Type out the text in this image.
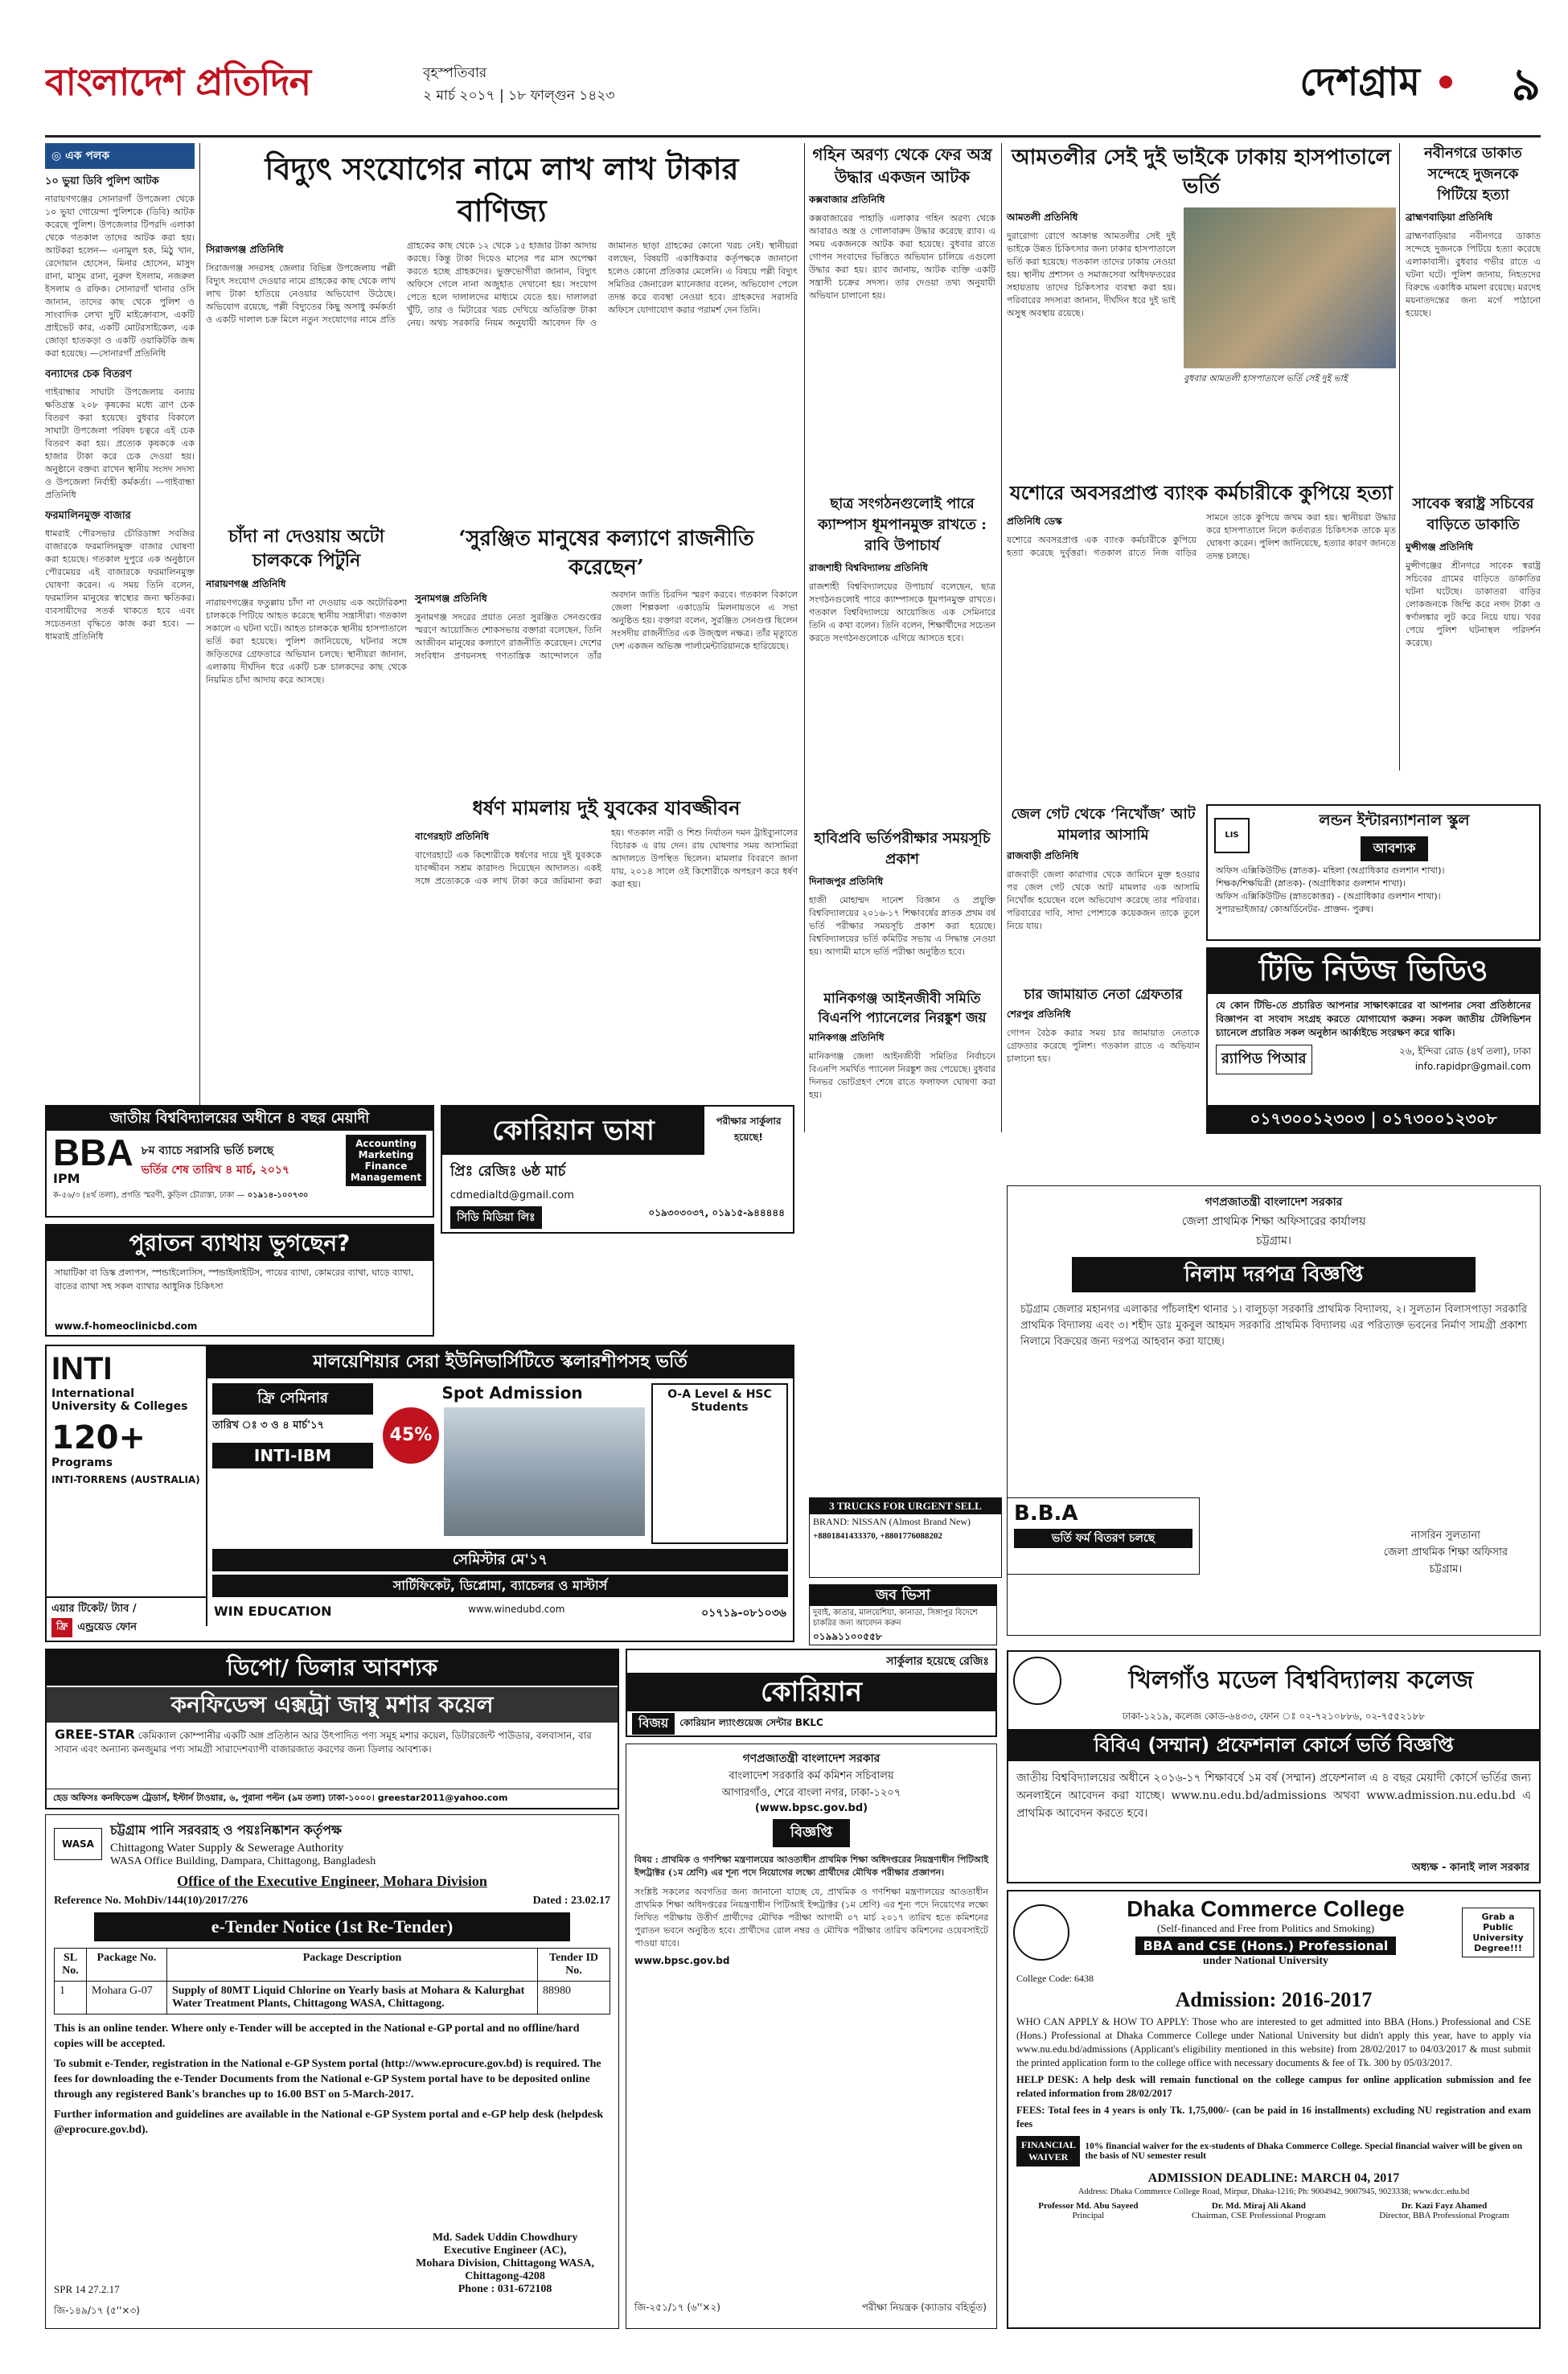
বাংলাদেশ প্রতিদিন	বৃহস্পতিবার
২ মার্চ ২০১৭ | ১৮ ফাল্গুন ১৪২৩	দেশগ্রাম ৯
◎ এক পলক
১০ ভুয়া ডিবি পুলিশ আটক
নারায়ণগঞ্জের সোনারগাঁ উপজেলা থেকে ১০ ভুয়া গোয়েন্দা পুলিশকে (ডিবি) আটক করেছে পুলিশ। উপজেলার টিপরদি এলাকা থেকে গতকাল তাদের আটক করা হয়। আটকরা হলেন— এনামুল হক, মিঠু খান, রেদোয়ান হোসেন, মিনার হোসেন, মাসুদ রানা, মাসুম রানা, নুরুল ইসলাম, নজরুল ইসলাম ও রফিক। সোনারগাঁ থানার ওসি জানান, তাদের কাছ থেকে পুলিশ ও সাংবাদিক লেখা দুটি মাইক্রোবাস, একটি প্রাইভেট কার, একটি মোটরসাইকেল, এক জোড়া হাতকড়া ও একটি ওয়াকিটকি জব্দ করা হয়েছে। —সোনারগাঁ প্রতিনিধি
বন্যাদের চেক বিতরণ
গাইবান্ধার সাঘাটা উপজেলায় বন্যায় ক্ষতিগ্রস্ত ২০৮ কৃষকের মধ্যে ত্রাণ চেক বিতরণ করা হয়েছে। বুধবার বিকালে সাঘাটা উপজেলা পরিষদ চত্বরে এই চেক বিতরণ করা হয়। প্রত্যেক কৃষককে এক হাজার টাকা করে চেক দেওয়া হয়। অনুষ্ঠানে বক্তব্য রাখেন স্থানীয় সংসদ সদস্য ও উপজেলা নির্বাহী কর্মকর্তা। —গাইবান্ধা প্রতিনিধি
ফরমালিনমুক্ত বাজার
ধামরাই পৌরসভার চৌরিডাঙ্গা সবজির বাজারকে ফরমালিনমুক্ত বাজার ঘোষণা করা হয়েছে। গতকাল দুপুরে এক অনুষ্ঠানে পৌরমেয়র এই বাজারকে ফরমালিনমুক্ত ঘোষণা করেন। এ সময় তিনি বলেন, ফরমালিন মানুষের স্বাস্থ্যের জন্য ক্ষতিকর। ব্যবসায়ীদের সতর্ক থাকতে হবে এবং সচেতনতা বৃদ্ধিতে কাজ করা হবে। —ধামরাই প্রতিনিধি
বিদ্যুৎ সংযোগের নামে লাখ লাখ টাকার বাণিজ্য
সিরাজগঞ্জ প্রতিনিধি
সিরাজগঞ্জ সদরসহ জেলার বিভিন্ন উপজেলায় পল্লী বিদ্যুৎ সংযোগ দেওয়ার নামে গ্রাহকের কাছ থেকে লাখ লাখ টাকা হাতিয়ে নেওয়ার অভিযোগ উঠেছে। অভিযোগ রয়েছে, পল্লী বিদ্যুতের কিছু অসাধু কর্মকর্তা ও একটি দালাল চক্র মিলে নতুন সংযোগের নামে প্রতি গ্রাহকের কাছ থেকে ১২ থেকে ১৫ হাজার টাকা আদায় করছে। কিন্তু টাকা দিয়েও মাসের পর মাস অপেক্ষা করতে হচ্ছে গ্রাহকদের। ভুক্তভোগীরা জানান, বিদ্যুৎ অফিসে গেলে নানা অজুহাত দেখানো হয়। সংযোগ পেতে হলে দালালদের মাধ্যমে যেতে হয়। দালালরা খুঁটি, তার ও মিটারের খরচ দেখিয়ে অতিরিক্ত টাকা নেয়। অথচ সরকারি নিয়ম অনুযায়ী আবেদন ফি ও জামানত ছাড়া গ্রাহকের কোনো খরচ নেই। স্থানীয়রা বলছেন, বিষয়টি একাধিকবার কর্তৃপক্ষকে জানানো হলেও কোনো প্রতিকার মেলেনি। এ বিষয়ে পল্লী বিদ্যুৎ সমিতির জেনারেল ম্যানেজার বলেন, অভিযোগ পেলে তদন্ত করে ব্যবস্থা নেওয়া হবে। গ্রাহকদের সরাসরি অফিসে যোগাযোগ করার পরামর্শ দেন তিনি।
চাঁদা না দেওয়ায় অটো চালককে পিটুনি
নারায়ণগঞ্জ প্রতিনিধি
নারায়ণগঞ্জের ফতুল্লায় চাঁদা না দেওয়ায় এক অটোরিকশা চালককে পিটিয়ে আহত করেছে স্থানীয় সন্ত্রাসীরা। গতকাল সকালে এ ঘটনা ঘটে। আহত চালককে স্থানীয় হাসপাতালে ভর্তি করা হয়েছে। পুলিশ জানিয়েছে, ঘটনার সঙ্গে জড়িতদের গ্রেফতারে অভিযান চলছে। স্থানীয়রা জানান, এলাকায় দীর্ঘদিন ধরে একটি চক্র চালকদের কাছ থেকে নিয়মিত চাঁদা আদায় করে আসছে।
‘সুরঞ্জিত মানুষের কল্যাণে রাজনীতি করেছেন’
সুনামগঞ্জ প্রতিনিধি
সুনামগঞ্জ সদরের প্রয়াত নেতা সুরঞ্জিত সেনগুপ্তের স্মরণে আয়োজিত শোকসভায় বক্তারা বলেছেন, তিনি আজীবন মানুষের কল্যাণে রাজনীতি করেছেন। দেশের সংবিধান প্রণয়নসহ গণতান্ত্রিক আন্দোলনে তাঁর অবদান জাতি চিরদিন স্মরণ করবে। গতকাল বিকালে জেলা শিল্পকলা একাডেমি মিলনায়তনে এ সভা অনুষ্ঠিত হয়। বক্তারা বলেন, সুরঞ্জিত সেনগুপ্ত ছিলেন সংসদীয় রাজনীতির এক উজ্জ্বল নক্ষত্র। তাঁর মৃত্যুতে দেশ একজন অভিজ্ঞ পার্লামেন্টারিয়ানকে হারিয়েছে।
ধর্ষণ মামলায় দুই যুবকের যাবজ্জীবন
বাগেরহাট প্রতিনিধি
বাগেরহাটে এক কিশোরীকে ধর্ষণের দায়ে দুই যুবককে যাবজ্জীবন সশ্রম কারাদণ্ড দিয়েছেন আদালত। একই সঙ্গে প্রত্যেককে এক লাখ টাকা করে জরিমানা করা হয়। গতকাল নারী ও শিশু নির্যাতন দমন ট্রাইব্যুনালের বিচারক এ রায় দেন। রায় ঘোষণার সময় আসামিরা আদালতে উপস্থিত ছিলেন। মামলার বিবরণে জানা যায়, ২০১৪ সালে ওই কিশোরীকে অপহরণ করে ধর্ষণ করা হয়।
গহিন অরণ্য থেকে ফের অস্ত্র উদ্ধার একজন আটক
কক্সবাজার প্রতিনিধি
কক্সবাজারের পাহাড়ি এলাকার গহিন অরণ্য থেকে আবারও অস্ত্র ও গোলাবারুদ উদ্ধার করেছে র‌্যাব। এ সময় একজনকে আটক করা হয়েছে। বুধবার রাতে গোপন সংবাদের ভিত্তিতে অভিযান চালিয়ে এগুলো উদ্ধার করা হয়। র‌্যাব জানায়, আটক ব্যক্তি একটি সন্ত্রাসী চক্রের সদস্য। তার দেওয়া তথ্য অনুযায়ী অভিযান চালানো হয়।
ছাত্র সংগঠনগুলোই পারে ক্যাম্পাস ধূমপানমুক্ত রাখতে : রাবি উপাচার্য
রাজশাহী বিশ্ববিদ্যালয় প্রতিনিধি
রাজশাহী বিশ্ববিদ্যালয়ের উপাচার্য বলেছেন, ছাত্র সংগঠনগুলোই পারে ক্যাম্পাসকে ধূমপানমুক্ত রাখতে। গতকাল বিশ্ববিদ্যালয়ে আয়োজিত এক সেমিনারে তিনি এ কথা বলেন। তিনি বলেন, শিক্ষার্থীদের সচেতন করতে সংগঠনগুলোকে এগিয়ে আসতে হবে।
হাবিপ্রবি ভর্তিপরীক্ষার সময়সূচি প্রকাশ
দিনাজপুর প্রতিনিধি
হাজী মোহাম্মদ দানেশ বিজ্ঞান ও প্রযুক্তি বিশ্ববিদ্যালয়ের ২০১৬-১৭ শিক্ষাবর্ষের স্নাতক প্রথম বর্ষ ভর্তি পরীক্ষার সময়সূচি প্রকাশ করা হয়েছে। বিশ্ববিদ্যালয়ের ভর্তি কমিটির সভায় এ সিদ্ধান্ত নেওয়া হয়। আগামী মাসে ভর্তি পরীক্ষা অনুষ্ঠিত হবে।
আমতলীর সেই দুই ভাইকে ঢাকায় হাসপাতালে ভর্তি
আমতলী প্রতিনিধি
দুরারোগ্য রোগে আক্রান্ত আমতলীর সেই দুই ভাইকে উন্নত চিকিৎসার জন্য ঢাকার হাসপাতালে ভর্তি করা হয়েছে। গতকাল তাদের ঢাকায় নেওয়া হয়। স্থানীয় প্রশাসন ও সমাজসেবা অধিদফতরের সহায়তায় তাদের চিকিৎসার ব্যবস্থা করা হয়। পরিবারের সদস্যরা জানান, দীর্ঘদিন ধরে দুই ভাই অসুস্থ অবস্থায় রয়েছে।
বুধবার আমতলী হাসপাতালে ভর্তি সেই দুই ভাই
যশোরে অবসরপ্রাপ্ত ব্যাংক কর্মচারীকে কুপিয়ে হত্যা
প্রতিনিধি ডেস্ক
যশোরে অবসরপ্রাপ্ত এক ব্যাংক কর্মচারীকে কুপিয়ে হত্যা করেছে দুর্বৃত্তরা। গতকাল রাতে নিজ বাড়ির সামনে তাকে কুপিয়ে জখম করা হয়। স্থানীয়রা উদ্ধার করে হাসপাতালে নিলে কর্তব্যরত চিকিৎসক তাকে মৃত ঘোষণা করেন। পুলিশ জানিয়েছে, হত্যার কারণ জানতে তদন্ত চলছে।
জেল গেট থেকে ‘নিখোঁজ’ আট মামলার আসামি
রাজবাড়ী প্রতিনিধি
রাজবাড়ী জেলা কারাগার থেকে জামিনে মুক্ত হওয়ার পর জেল গেট থেকে আট মামলার এক আসামি নিখোঁজ হয়েছেন বলে অভিযোগ করেছে তার পরিবার। পরিবারের দাবি, সাদা পোশাকে কয়েকজন তাকে তুলে নিয়ে যায়।
মানিকগঞ্জ আইনজীবী সমিতি বিএনপি প্যানেলের নিরঙ্কুশ জয়
মানিকগঞ্জ প্রতিনিধি
মানিকগঞ্জ জেলা আইনজীবী সমিতির নির্বাচনে বিএনপি সমর্থিত প্যানেল নিরঙ্কুশ জয় পেয়েছে। বুধবার দিনভর ভোটগ্রহণ শেষে রাতে ফলাফল ঘোষণা করা হয়।
চার জামায়াত নেতা গ্রেফতার
শেরপুর প্রতিনিধি
গোপন বৈঠক করার সময় চার জামায়াত নেতাকে গ্রেফতার করেছে পুলিশ। গতকাল রাতে এ অভিযান চালানো হয়।
নবীনগরে ডাকাত সন্দেহে দুজনকে পিটিয়ে হত্যা
ব্রাহ্মণবাড়িয়া প্রতিনিধি
ব্রাহ্মণবাড়িয়ার নবীনগরে ডাকাত সন্দেহে দুজনকে পিটিয়ে হত্যা করেছে এলাকাবাসী। বুধবার গভীর রাতে এ ঘটনা ঘটে। পুলিশ জানায়, নিহতদের বিরুদ্ধে একাধিক মামলা রয়েছে। মরদেহ ময়নাতদন্তের জন্য মর্গে পাঠানো হয়েছে।
সাবেক স্বরাষ্ট্র সচিবের বাড়িতে ডাকাতি
মুন্সীগঞ্জ প্রতিনিধি
মুন্সীগঞ্জের শ্রীনগরে সাবেক স্বরাষ্ট্র সচিবের গ্রামের বাড়িতে ডাকাতির ঘটনা ঘটেছে। ডাকাতরা বাড়ির লোকজনকে জিম্মি করে নগদ টাকা ও স্বর্ণালঙ্কার লুট করে নিয়ে যায়। খবর পেয়ে পুলিশ ঘটনাস্থল পরিদর্শন করেছে।
LIS
লন্ডন ইন্টারন্যাশনাল স্কুল
আবশ্যক
অফিস এক্সিকিউটিভ (স্নাতক)- মহিলা (অগ্রাধিকার গুলশান শাখা)।
শিক্ষক/শিক্ষয়িত্রী (স্নাতক)- (অগ্রাধিকার গুলশান শাখা)।
অফিস এক্সিকিউটিভ (স্নাতকোত্তর) - (অগ্রাধিকার গুলশান শাখা)।
সুপারভাইজার/ কোঅর্ডিনেটর- প্রাক্তন- পুরুষ।
টিভি নিউজ ভিডিও
যে কোন টিভি-তে প্রচারিত আপনার সাক্ষাৎকারের বা আপনার সেবা প্রতিষ্ঠানের বিজ্ঞাপন বা সংবাদ সংগ্রহ করতে যোগাযোগ করুন। সকল জাতীয় টেলিভিশন চ্যানেলে প্রচারিত সকল অনুষ্ঠান আর্কাইভে সংরক্ষণ করে থাকি।
র‌্যাপিড পিআর	২৬, ইন্দিরা রোড (৪র্থ তলা), ঢাকা
info.rapidpr@gmail.com
০১৭৩০০১২৩০৩ | ০১৭৩০০১২৩০৮
জাতীয় বিশ্ববিদ্যালয়ের অধীনে ৪ বছর মেয়াদী
BBA
IPM
৮ম ব্যাচে সরাসরি ভর্তি চলছে
ভর্তির শেষ তারিখ ৪ মার্চ, ২০১৭
Accounting Marketing Finance Management
ক-৫৬/৩ (৪র্থ তলা), প্রগতি স্মরণী, কুড়িল চৌরাস্তা, ঢাকা — ০১৯১৪-১০০৭৩০
পুরাতন ব্যাথায় ভুগছেন?
সায়াটিকা বা ডিস্ক প্রলাপস, স্পন্ডাইলোসিস, স্পন্ডাইলাইটিস, পায়ের ব্যাথা, কোমরের ব্যাথা, ঘাড়ে ব্যাথা, বাতের ব্যাথা সহ সকল ব্যাথার আধুনিক চিকিৎসা
www.f-homeoclinicbd.com
কোরিয়ান ভাষা	পরীক্ষার সার্কুলার হয়েছে!
প্রিঃ রেজিঃ ৬ষ্ঠ মার্চ
cdmedialtd@gmail.com
সিডি মিডিয়া লিঃ	০১৯৩০৩০৩৭, ০১৯১৫-৯৪৪৪৪৪
INTI
International University & Colleges
120+
Programs
INTI-TORRENS (AUSTRALIA)
মালয়েশিয়ার সেরা ইউনিভার্সিটিতে স্কলারশীপসহ ভর্তি
ফ্রি সেমিনার
তারিখ ঃ ৩ ও ৪ মার্চ'১৭
INTI-IBM
Spot Admission
45%
O-A Level & HSC Students
সেমিস্টার মে'১৭
সার্টিফিকেট, ডিপ্লোমা, ব্যাচেলর ও মাস্টার্স
WIN EDUCATION	www.winedubd.com	০১৭১৯-০৮১০৩৬
এয়ার টিকেট/ ট্যাব /
ফ্রি এন্ড্রয়েড ফোন
গণপ্রজাতন্ত্রী বাংলাদেশ সরকার
জেলা প্রাথমিক শিক্ষা অফিসারের কার্যালয়
চট্টগ্রাম।
নিলাম দরপত্র বিজ্ঞপ্তি
চট্টগ্রাম জেলার মহানগর এলাকার পাঁচলাইশ থানার ১। বালুচড়া সরকারি প্রাথমিক বিদ্যালয়, ২। সুলতান বিলাসপাড়া সরকারি প্রাথমিক বিদ্যালয় এবং ৩। শহীদ ডাঃ মুকবুল আহমদ সরকারি প্রাথমিক বিদ্যালয় এর পরিত্যক্ত ভবনের নির্মাণ সামগ্রী প্রকাশ্য নিলামে বিক্রয়ের জন্য দরপত্র আহবান করা যাচ্ছে।
নাসরিন সুলতানা
জেলা প্রাথমিক শিক্ষা অফিসার
চট্টগ্রাম।
ডিপো/ ডিলার আবশ্যক
কনফিডেন্স এক্সট্রা জাম্বু মশার কয়েল
GREE-STAR কেমিক্যাল কোম্পানীর একটি অঙ্গ প্রতিষ্ঠান আর উৎপাদিত পণ্য সমূহ মশার কয়েল, ডিটারজেন্ট পাউডার, বলবাসান, বার সাবান এবং অন্যান্য কনজুমার পণ্য সামগ্রী সারাদেশব্যাপী বাজারজাত করণের জন্য ডিলার আবশ্যক।
হেড অফিসঃ কনফিডেন্স ট্রেডার্স, ইস্টার্ন টাওয়ার, ৬, পুরানা পল্টন (৯ম তলা) ঢাকা-১০০০। greestar2011@yahoo.com
সার্কুলার হয়েছে রেজিঃ
কোরিয়ান
বিজয়	কোরিয়ান ল্যাংগুয়েজ সেন্টার BKLC
3 TRUCKS FOR URGENT SELL
BRAND: NISSAN (Almost Brand New)
+8801841433370, +8801776088202
B.B.A
ভর্তি ফর্ম বিতরণ চলছে
জব ভিসা
দুবাই, কাতার, মালয়েশিয়া, কানাডা, সিঙ্গাপুর বিদেশে চাকরির জন্য আবেদন করুন
০১৯৯১১০০৫৫৮
খিলগাঁও মডেল বিশ্ববিদ্যালয় কলেজ
ঢাকা-১২১৯, কলেজ কোড-৬৪৩৩, ফোন ঃ ০২-৭২১০৮৮৬, ০২-৭৫৫২১৮৮
বিবিএ (সম্মান) প্রফেশনাল কোর্সে ভর্তি বিজ্ঞপ্তি
জাতীয় বিশ্ববিদ্যালয়ের অধীনে ২০১৬-১৭ শিক্ষাবর্ষে ১ম বর্ষ (সম্মান) প্রফেশনাল এ ৪ বছর মেয়াদী কোর্সে ভর্তির জন্য অনলাইনে আবেদন করা যাচ্ছে। www.nu.edu.bd/admissions অথবা www.admission.nu.edu.bd এ প্রাথমিক আবেদন করতে হবে।
অধ্যক্ষ - কানাই লাল সরকার
WASA
চট্টগ্রাম পানি সরবরাহ ও পয়ঃনিষ্কাশন কর্তৃপক্ষ
Chittagong Water Supply & Sewerage Authority
WASA Office Building, Dampara, Chittagong, Bangladesh
Office of the Executive Engineer, Mohara Division
Reference No. MohDiv/144(10)/2017/276	Dated : 23.02.17
e-Tender Notice (1st Re-Tender)
SL No.	Package No.	Package Description	Tender ID No.
1	Mohara G-07	Supply of 80MT Liquid Chlorine on Yearly basis at Mohara & Kalurghat Water Treatment Plants, Chittagong WASA, Chittagong.	88980

This is an online tender. Where only e-Tender will be accepted in the National e-GP portal and no offline/hard copies will be accepted.

To submit e-Tender, registration in the National e-GP System portal (http://www.eprocure.gov.bd) is required. The fees for downloading the e-Tender Documents from the National e-GP System portal have to be deposited online through any registered Bank's branches up to 16.00 BST on 5-March-2017.

Further information and guidelines are available in the National e-GP System portal and e-GP help desk (helpdesk @eprocure.gov.bd).

Md. Sadek Uddin Chowdhury
Executive Engineer (AC),
Mohara Division, Chittagong WASA,
Chittagong-4208
Phone : 031-672108
SPR 14 27.2.17
জি-১৪৯/১৭ (৫''×৩)
গণপ্রজাতন্ত্রী বাংলাদেশ সরকার
বাংলাদেশ সরকারি কর্ম কমিশন সচিবালয়
আগারগাঁও, শেরে বাংলা নগর, ঢাকা-১২০৭
(www.bpsc.gov.bd)
বিজ্ঞপ্তি
বিষয় : প্রাথমিক ও গণশিক্ষা মন্ত্রণালয়ের আওতাধীন প্রাথমিক শিক্ষা অধিদপ্তরের নিয়ন্ত্রণাধীন পিটিআই ইন্সট্রাক্টর (১ম শ্রেণি) এর শূন্য পদে নিয়োগের লক্ষ্যে প্রার্থীদের মৌখিক পরীক্ষার প্রজ্ঞাপন।
সংশ্লিষ্ট সকলের অবগতির জন্য জানানো যাচ্ছে যে, প্রাথমিক ও গণশিক্ষা মন্ত্রণালয়ের আওতাধীন প্রাথমিক শিক্ষা অধিদপ্তরের নিয়ন্ত্রণাধীন পিটিআই ইন্সট্রাক্টর (১ম শ্রেণি) এর শূন্য পদে নিয়োগের লক্ষ্যে লিখিত পরীক্ষায় উত্তীর্ণ প্রার্থীদের মৌখিক পরীক্ষা আগামী ০৭ মার্চ ২০১৭ তারিখ হতে কমিশনের পুরাতন ভবনে অনুষ্ঠিত হবে। প্রার্থীদের রোল নম্বর ও মৌখিক পরীক্ষার তারিখ কমিশনের ওয়েবসাইটে পাওয়া যাবে।
www.bpsc.gov.bd
পরীক্ষা নিয়ন্ত্রক (ক্যাডার বহির্ভূত)
জি-২৫১/১৭ (৬''×২)
Dhaka Commerce College
(Self-financed and Free from Politics and Smoking)
BBA and CSE (Hons.) Professional
under National University
Grab a Public University Degree!!!
College Code: 6438
Admission: 2016-2017

WHO CAN APPLY & HOW TO APPLY: Those who are interested to get admitted into BBA (Hons.) Professional and CSE (Hons.) Professional at Dhaka Commerce College under National University but didn't apply this year, have to apply via www.nu.edu.bd/admissions (Applicant's eligibility mentioned in this website) from 28/02/2017 to 04/03/2017 & must submit the printed application form to the college office with necessary documents & fee of Tk. 300 by 05/03/2017.

HELP DESK: A help desk will remain functional on the college campus for online application submission and fee related information from 28/02/2017

FEES: Total fees in 4 years is only Tk. 1,75,000/- (can be paid in 16 installments) excluding NU registration and exam fees

FINANCIAL WAIVER
10% financial waiver for the ex-students of Dhaka Commerce College. Special financial waiver will be given on the basis of NU semester result
ADMISSION DEADLINE: MARCH 04, 2017
Address: Dhaka Commerce College Road, Mirpur, Dhaka-1216; Ph: 9004942, 9007945, 9023338; www.dcc.edu.bd
Professor Md. Abu Sayeed
Principal
Dr. Md. Miraj Ali Akand
Chairman, CSE Professional Program
Dr. Kazi Fayz Ahamed
Director, BBA Professional Program
